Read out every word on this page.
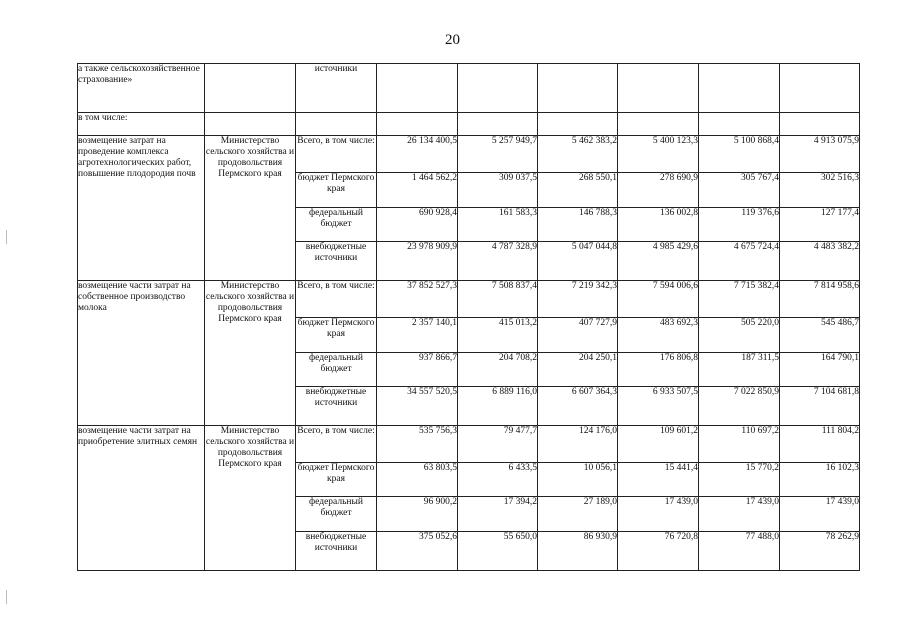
20
а также сельскохозяйственное страхование»		источники						
в том числе:								
возмещение затрат на проведение комплекса агротехнологических работ, повышение плодородия почв	Министерство сельского хозяйства и продовольствия Пермского края	Всего, в том числе:	26 134 400,5	5 257 949,7	5 462 383,2	5 400 123,3	5 100 868,4	4 913 075,9
		бюджет Пермского края	1 464 562,2	309 037,5	268 550,1	278 690,9	305 767,4	302 516,3
		федеральный бюджет	690 928,4	161 583,3	146 788,3	136 002,8	119 376,6	127 177,4
		внебюджетные источники	23 978 909,9	4 787 328,9	5 047 044,8	4 985 429,6	4 675 724,4	4 483 382,2
возмещение части затрат на собственное производство молока	Министерство сельского хозяйства и продовольствия Пермского края	Всего, в том числе:	37 852 527,3	7 508 837,4	7 219 342,3	7 594 006,6	7 715 382,4	7 814 958,6
		бюджет Пермского края	2 357 140,1	415 013,2	407 727,9	483 692,3	505 220,0	545 486,7
		федеральный бюджет	937 866,7	204 708,2	204 250,1	176 806,8	187 311,5	164 790,1
		внебюджетные источники	34 557 520,5	6 889 116,0	6 607 364,3	6 933 507,5	7 022 850,9	7 104 681,8
возмещение части затрат на приобретение элитных семян	Министерство сельского хозяйства и продовольствия Пермского края	Всего, в том числе:	535 756,3	79 477,7	124 176,0	109 601,2	110 697,2	111 804,2
		бюджет Пермского края	63 803,5	6 433,5	10 056,1	15 441,4	15 770,2	16 102,3
		федеральный бюджет	96 900,2	17 394,2	27 189,0	17 439,0	17 439,0	17 439,0
		внебюджетные источники	375 052,6	55 650,0	86 930,9	76 720,8	77 488,0	78 262,9
